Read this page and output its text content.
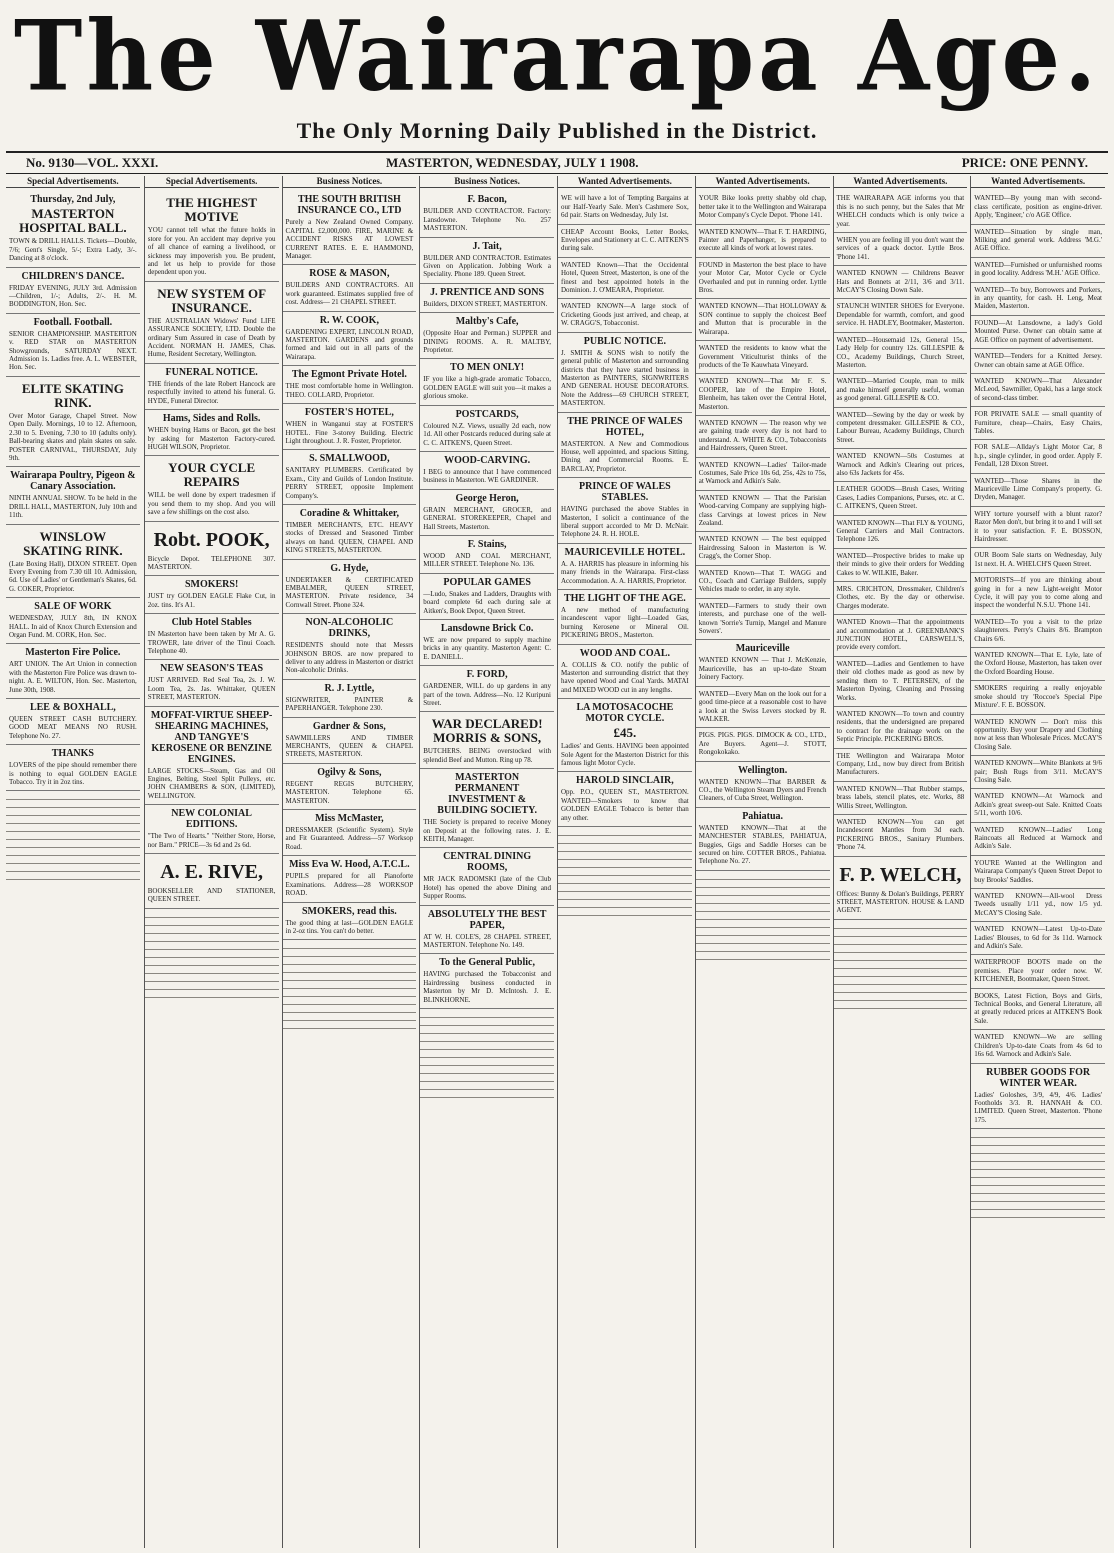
The Wairarapa Age.
The Only Morning Daily Published in the District.
No. 9130—VOL. XXXI.	MASTERTON, WEDNESDAY, JULY 1 1908.	PRICE: ONE PENNY.
Special Advertisements.
Thursday, 2nd July,
MASTERTON HOSPITAL BALL.

TOWN & DRILL HALLS. Tickets—Double, 7/6; Gent's Single, 5/-; Extra Lady, 3/-. Dancing at 8 o'clock.

CHILDREN'S DANCE.

FRIDAY EVENING, JULY 3rd. Admission—Children, 1/-; Adults, 2/-. H. M. BODDINGTON, Hon. Sec.

Football. Football.

SENIOR CHAMPIONSHIP. MASTERTON v. RED STAR on MASTERTON Showgrounds, SATURDAY NEXT. Admission 1s. Ladies free. A. L. WEBSTER, Hon. Sec.

ELITE SKATING RINK.

Over Motor Garage, Chapel Street. Now Open Daily. Mornings, 10 to 12. Afternoon, 2.30 to 5. Evening, 7.30 to 10 (adults only). Ball-bearing skates and plain skates on sale. POSTER CARNIVAL, THURSDAY, July 9th.

Wairarapa Poultry, Pigeon & Canary Association.

NINTH ANNUAL SHOW. To be held in the DRILL HALL, MASTERTON, July 10th and 11th.

WINSLOW SKATING RINK.

(Late Boxing Hall), DIXON STREET. Open Every Evening from 7.30 till 10. Admission, 6d. Use of Ladies' or Gentleman's Skates, 6d. G. COKER, Proprietor.

SALE OF WORK

WEDNESDAY, JULY 8th, IN KNOX HALL. In aid of Knox Church Extension and Organ Fund. M. CORK, Hon. Sec.

Masterton Fire Police.

ART UNION. The Art Union in connection with the Masterton Fire Police was drawn to-night. A. E. WILTON, Hon. Sec. Masterton, June 30th, 1908.

LEE & BOXHALL,

QUEEN STREET CASH BUTCHERY. GOOD MEAT MEANS NO RUSH. Telephone No. 27.

THANKS

LOVERS of the pipe should remember there is nothing to equal GOLDEN EAGLE Tobacco. Try it in 2oz tins.

Special Advertisements.
THE HIGHEST MOTIVE

YOU cannot tell what the future holds in store for you. An accident may deprive you of all chance of earning a livelihood, or sickness may impoverish you. Be prudent, and let us help to provide for those dependent upon you.

NEW SYSTEM OF INSURANCE.

THE AUSTRALIAN Widows' Fund LIFE ASSURANCE SOCIETY, LTD. Double the ordinary Sum Assured in case of Death by Accident. NORMAN H. JAMES, Chas. Hume, Resident Secretary, Wellington.

FUNERAL NOTICE.

THE friends of the late Robert Hancock are respectfully invited to attend his funeral. G. HYDE, Funeral Director.

Hams, Sides and Rolls.

WHEN buying Hams or Bacon, get the best by asking for Masterton Factory-cured. HUGH WILSON, Proprietor.

YOUR CYCLE REPAIRS

WILL be well done by expert tradesmen if you send them to my shop. And you will save a few shillings on the cost also.

Robt. POOK,

Bicycle Depot. TELEPHONE 307. MASTERTON.

SMOKERS!

JUST try GOLDEN EAGLE Flake Cut, in 2oz. tins. It's A1.

Club Hotel Stables

IN Masterton have been taken by Mr A. G. TROWER, late driver of the Tinui Coach. Telephone 40.

NEW SEASON'S TEAS

JUST ARRIVED. Red Seal Tea, 2s. J. W. Loom Tea, 2s. Jas. Whittaker, QUEEN STREET, MASTERTON.

MOFFAT-VIRTUE SHEEP-SHEARING MACHINES, AND TANGYE'S KEROSENE OR BENZINE ENGINES.

LARGE STOCKS—Steam, Gas and Oil Engines, Belting, Steel Split Pulleys, etc. JOHN CHAMBERS & SON, (LIMITED), WELLINGTON.

NEW COLONIAL EDITIONS.

"The Two of Hearts." "Neither Store, Horse, nor Barn." PRICE—3s 6d and 2s 6d.

A. E. RIVE,

BOOKSELLER AND STATIONER, QUEEN STREET.

Business Notices.
THE SOUTH BRITISH INSURANCE CO., LTD

Purely a New Zealand Owned Company. CAPITAL £2,000,000. FIRE, MARINE & ACCIDENT RISKS AT LOWEST CURRENT RATES. E. E. HAMMOND, Manager.

ROSE & MASON,

BUILDERS AND CONTRACTORS. All work guaranteed. Estimates supplied free of cost. Address— 21 CHAPEL STREET.

R. W. COOK,

GARDENING EXPERT, LINCOLN ROAD, MASTERTON. GARDENS and grounds formed and laid out in all parts of the Wairarapa.

The Egmont Private Hotel.

THE most comfortable home in Wellington. THEO. COLLARD, Proprietor.

FOSTER'S HOTEL,

WHEN in Wanganui stay at FOSTER'S HOTEL. Fine 3-storey Building. Electric Light throughout. J. R. Foster, Proprietor.

S. SMALLWOOD,

SANITARY PLUMBERS. Certificated by Exam., City and Guilds of London Institute. PERRY STREET, opposite Implement Company's.

Coradine & Whittaker,

TIMBER MERCHANTS, ETC. HEAVY stocks of Dressed and Seasoned Timber always on hand. QUEEN, CHAPEL AND KING STREETS, MASTERTON.

G. Hyde,

UNDERTAKER & CERTIFICATED EMBALMER, QUEEN STREET, MASTERTON. Private residence, 34 Cornwall Street. Phone 324.

NON-ALCOHOLIC DRINKS,

RESIDENTS should note that Messrs JOHNSON BROS. are now prepared to deliver to any address in Masterton or district Non-alcoholic Drinks.

R. J. Lyttle,

SIGNWRITER, PAINTER & PAPERHANGER. Telephone 230.

Gardner & Sons,

SAWMILLERS AND TIMBER MERCHANTS, QUEEN & CHAPEL STREETS, MASTERTON.

Ogilvy & Sons,

REGENT REGIS BUTCHERY, MASTERTON. Telephone 65. MASTERTON.

Miss McMaster,

DRESSMAKER (Scientific System). Style and Fit Guaranteed. Address—57 Worksop Road.

Miss Eva W. Hood, A.T.C.L.

PUPILS prepared for all Pianoforte Examinations. Address—28 WORKSOP ROAD.

SMOKERS, read this.

The good thing at last—GOLDEN EAGLE in 2-oz tins. You can't do better.

Business Notices.
F. Bacon,

BUILDER AND CONTRACTOR. Factory: Lansdowne. Telephone No. 257 MASTERTON.

J. Tait,

BUILDER AND CONTRACTOR. Estimates Given on Application. Jobbing Work a Speciality. Phone 189. Queen Street.

J. PRENTICE AND SONS

Builders, DIXON STREET, MASTERTON.

Maltby's Cafe,

(Opposite Hoar and Perman.) SUPPER and DINING ROOMS. A. R. MALTBY, Proprietor.

TO MEN ONLY!

IF you like a high-grade aromatic Tobacco, GOLDEN EAGLE will suit you—it makes a glorious smoke.

POSTCARDS,

Coloured N.Z. Views, usually 2d each, now 1d. All other Postcards reduced during sale at C. C. AITKEN'S, Queen Street.

WOOD-CARVING.

I BEG to announce that I have commenced business in Masterton. WE GARDINER.

George Heron,

GRAIN MERCHANT, GROCER, and GENERAL STOREKEEPER, Chapel and Hall Streets, Masterton.

F. Stains,

WOOD AND COAL MERCHANT, MILLER STREET. Telephone No. 136.

POPULAR GAMES

—Ludo, Snakes and Ladders, Draughts with board complete 6d each during sale at Aitken's, Book Depot, Queen Street.

Lansdowne Brick Co.

WE are now prepared to supply machine bricks in any quantity. Masterton Agent: C. E. DANIELL.

F. FORD,

GARDENER, WILL do up gardens in any part of the town. Address—No. 12 Kuripuni Street.

WAR DECLARED! MORRIS & SONS,

BUTCHERS. BEING overstocked with splendid Beef and Mutton. Ring up 78.

MASTERTON PERMANENT INVESTMENT & BUILDING SOCIETY.

THE Society is prepared to receive Money on Deposit at the following rates. J. E. KEITH, Manager.

CENTRAL DINING ROOMS,

MR JACK RADOMSKI (late of the Club Hotel) has opened the above Dining and Supper Rooms.

ABSOLUTELY THE BEST PAPER,

AT W. H. COLE'S, 28 CHAPEL STREET, MASTERTON. Telephone No. 149.

To the General Public,

HAVING purchased the Tobacconist and Hairdressing business conducted in Masterton by Mr D. McIntosh. J. E. BLINKHORNE.

Wanted Advertisements.

WE will have a lot of Tempting Bargains at our Half-Yearly Sale. Men's Cashmere Sox, 6d pair. Starts on Wednesday, July 1st.

CHEAP Account Books, Letter Books, Envelopes and Stationery at C. C. AITKEN'S during sale.

WANTED Known—That the Occidental Hotel, Queen Street, Masterton, is one of the finest and best appointed hotels in the Dominion. J. O'MEARA, Proprietor.

WANTED KNOWN—A large stock of Cricketing Goods just arrived, and cheap, at W. CRAGG'S, Tobacconist.

PUBLIC NOTICE.

J. SMITH & SONS wish to notify the general public of Masterton and surrounding districts that they have started business in Masterton as PAINTERS, SIGNWRITERS AND GENERAL HOUSE DECORATORS. Note the Address—69 CHURCH STREET, MASTERTON.

THE PRINCE OF WALES HOTEL,

MASTERTON. A New and Commodious House, well appointed, and spacious Sitting, Dining and Commercial Rooms. E. BARCLAY, Proprietor.

PRINCE OF WALES STABLES.

HAVING purchased the above Stables in Masterton, I solicit a continuance of the liberal support accorded to Mr D. McNair. Telephone 24. R. H. HOLE.

MAURICEVILLE HOTEL.

A. A. HARRIS has pleasure in informing his many friends in the Wairarapa. First-class Accommodation. A. A. HARRIS, Proprietor.

THE LIGHT OF THE AGE.

A new method of manufacturing incandescent vapor light—Loaded Gas, burning Kerosene or Mineral Oil. PICKERING BROS., Masterton.

WOOD AND COAL.

A. COLLIS & CO. notify the public of Masterton and surrounding district that they have opened Wood and Coal Yards. MATAI and MIXED WOOD cut in any lengths.

LA MOTOSACOCHE MOTOR CYCLE.
£45.

Ladies' and Gents. HAVING been appointed Sole Agent for the Masterton District for this famous light Motor Cycle.

HAROLD SINCLAIR,

Opp. P.O., QUEEN ST., MASTERTON. WANTED—Smokers to know that GOLDEN EAGLE Tobacco is better than any other.

Wanted Advertisements.

YOUR Bike looks pretty shabby old chap, better take it to the Wellington and Wairarapa Motor Company's Cycle Depot. 'Phone 141.

WANTED KNOWN—That F. T. HARDING, Painter and Paperhanger, is prepared to execute all kinds of work at lowest rates.

FOUND in Masterton the best place to have your Motor Car, Motor Cycle or Cycle Overhauled and put in running order. Lyttle Bros.

WANTED KNOWN—That HOLLOWAY & SON continue to supply the choicest Beef and Mutton that is procurable in the Wairarapa.

WANTED the residents to know what the Government Viticulturist thinks of the products of the Te Kauwhata Vineyard.

WANTED KNOWN—That Mr F. S. COOPER, late of the Empire Hotel, Blenheim, has taken over the Central Hotel, Masterton.

WANTED KNOWN — The reason why we are gaining trade every day is not hard to understand. A. WHITE & CO., Tobacconists and Hairdressers, Queen Street.

WANTED KNOWN—Ladies' Tailor-made Costumes, Sale Price 10s 6d, 25s, 42s to 75s, at Warnock and Adkin's Sale.

WANTED KNOWN — That the Parisian Wood-carving Company are supplying high-class Carvings at lowest prices in New Zealand.

WANTED KNOWN — The best equipped Hairdressing Saloon in Masterton is W. Cragg's, the Corner Shop.

WANTED Known—That T. WAGG and CO., Coach and Carriage Builders, supply Vehicles made to order, in any style.

WANTED—Farmers to study their own interests, and purchase one of the well-known 'Sorrie's Turnip, Mangel and Manure Sowers'.

Mauriceville

WANTED KNOWN — That J. McKenzie, Mauriceville, has an up-to-date Steam Joinery Factory.

WANTED—Every Man on the look out for a good time-piece at a reasonable cost to have a look at the Swiss Levers stocked by R. WALKER.

PIGS. PIGS. PIGS. DIMOCK & CO., LTD., Are Buyers. Agent—J. STOTT, Rongokokako.

Wellington.

WANTED KNOWN—That BARBER & CO., the Wellington Steam Dyers and French Cleaners, of Cuba Street, Wellington.

Pahiatua.

WANTED KNOWN—That at the MANCHESTER STABLES, PAHIATUA, Buggies, Gigs and Saddle Horses can be secured on hire. COTTER BROS., Pahiatua. Telephone No. 27.

Wanted Advertisements.

THE WAIRARAPA AGE informs you that this is no such penny, but the Sales that Mr WHELCH conducts which is only twice a year.

WHEN you are feeling ill you don't want the services of a quack doctor. Lyttle Bros. 'Phone 141.

WANTED KNOWN — Childrens Beaver Hats and Bonnets at 2/11, 3/6 and 3/11. McCAY'S Closing Down Sale.

STAUNCH WINTER SHOES for Everyone. Dependable for warmth, comfort, and good service. H. HADLEY, Bootmaker, Masterton.

WANTED—Housemaid 12s, General 15s, Lady Help for country 12s. GILLESPIE & CO., Academy Buildings, Church Street, Masterton.

WANTED—Married Couple, man to milk and make himself generally useful, woman as good general. GILLESPIE & CO.

WANTED—Sewing by the day or week by competent dressmaker. GILLESPIE & CO., Labour Bureau, Academy Buildings, Church Street.

WANTED KNOWN—50s Costumes at Warnock and Adkin's Clearing out prices, also 63s Jackets for 45s.

LEATHER GOODS—Brush Cases, Writing Cases, Ladies Companions, Purses, etc. at C. C. AITKEN'S, Queen Street.

WANTED KNOWN—That FLY & YOUNG, General Carriers and Mail Contractors. Telephone 126.

WANTED—Prospective brides to make up their minds to give their orders for Wedding Cakes to W. WILKIE, Baker.

MRS. CRICHTON, Dressmaker, Children's Clothes, etc. By the day or otherwise. Charges moderate.

WANTED Known—That the appointments and accommodation at J. GREENBANK'S JUNCTION HOTEL, CARSWELL'S, provide every comfort.

WANTED—Ladies and Gentlemen to have their old clothes made as good as new by sending them to T. PETERSEN, of the Masterton Dyeing, Cleaning and Pressing Works.

WANTED KNOWN—To town and country residents, that the undersigned are prepared to contract for the drainage work on the Septic Principle. PICKERING BROS.

THE Wellington and Wairarapa Motor Company, Ltd., now buy direct from British Manufacturers.

WANTED KNOWN—That Rubber stamps, brass labels, stencil plates, etc. Works, 88 Willis Street, Wellington.

WANTED KNOWN—You can get Incandescent Mantles from 3d each. PICKERING BROS., Sanitary Plumbers. 'Phone 74.

F. P. WELCH,

Offices: Bunny & Dolan's Buildings, PERRY STREET, MASTERTON. HOUSE & LAND AGENT.

Wanted Advertisements.

WANTED—By young man with second-class certificate, position as engine-driver. Apply, 'Engineer,' c/o AGE Office.

WANTED—Situation by single man, Milking and general work. Address 'M.G.' AGE Office.

WANTED—Furnished or unfurnished rooms in good locality. Address 'M.H.' AGE Office.

WANTED—To buy, Borrowers and Porkers, in any quantity, for cash. H. Leng, Meat Maiden, Masterton.

FOUND—At Lansdowne, a lady's Gold Mounted Purse. Owner can obtain same at AGE Office on payment of advertisement.

WANTED—Tenders for a Knitted Jersey. Owner can obtain same at AGE Office.

WANTED KNOWN—That Alexander McLeod, Sawmiller, Opaki, has a large stock of second-class timber.

FOR PRIVATE SALE — small quantity of Furniture, cheap—Chairs, Easy Chairs, Tables.

FOR SALE—Allday's Light Motor Car, 8 h.p., single cylinder, in good order. Apply F. Fendall, 128 Dixon Street.

WANTED—Those Shares in the Mauriceville Lime Company's property. G. Dryden, Manager.

WHY torture yourself with a blunt razor? Razor Men don't, but bring it to and I will set it to your satisfaction. F. E. BOSSON, Hairdresser.

OUR Boom Sale starts on Wednesday, July 1st next. H. A. WHELCH'S Queen Street.

MOTORISTS—If you are thinking about going in for a new Light-weight Motor Cycle, it will pay you to come along and inspect the wonderful N.S.U. 'Phone 141.

WANTED—To you a visit to the prize slaughterers. Perry's Chairs 8/6. Brampton Chairs 6/6.

WANTED KNOWN—That E. Lyle, late of the Oxford House, Masterton, has taken over the Oxford Boarding House.

SMOKERS requiring a really enjoyable smoke should try 'Roccoe's Special Pipe Mixture'. F. E. BOSSON.

WANTED KNOWN — Don't miss this opportunity. Buy your Drapery and Clothing now at less than Wholesale Prices. McCAY'S Closing Sale.

WANTED KNOWN—White Blankets at 9/6 pair; Bush Rugs from 3/11. McCAY'S Closing Sale.

WANTED KNOWN—At Warnock and Adkin's great sweep-out Sale. Knitted Coats 5/11, worth 10/6.

WANTED KNOWN—Ladies' Long Raincoats all Reduced at Warnock and Adkin's Sale.

YOU'RE Wanted at the Wellington and Wairarapa Company's Queen Street Depot to buy Brooks' Saddles.

WANTED KNOWN—All-wool Dress Tweeds usually 1/11 yd., now 1/5 yd. McCAY'S Closing Sale.

WANTED KNOWN—Latest Up-to-Date Ladies' Blouses, to 6d for 3s 11d. Warnock and Adkin's Sale.

WATERPROOF BOOTS made on the premises. Place your order now. W. KITCHENER, Bootmaker, Queen Street.

BOOKS, Latest Fiction, Boys and Girls, Technical Books, and General Literature, all at greatly reduced prices at AITKEN'S Book Sale.

WANTED KNOWN—We are selling Children's Up-to-date Coats from 4s 6d to 16s 6d. Warnock and Adkin's Sale.

RUBBER GOODS FOR WINTER WEAR.

Ladies' Goloshes, 3/9, 4/9, 4/6. Ladies' Footholds 3/3. R. HANNAH & CO. LIMITED. Queen Street, Masterton. 'Phone 175.
